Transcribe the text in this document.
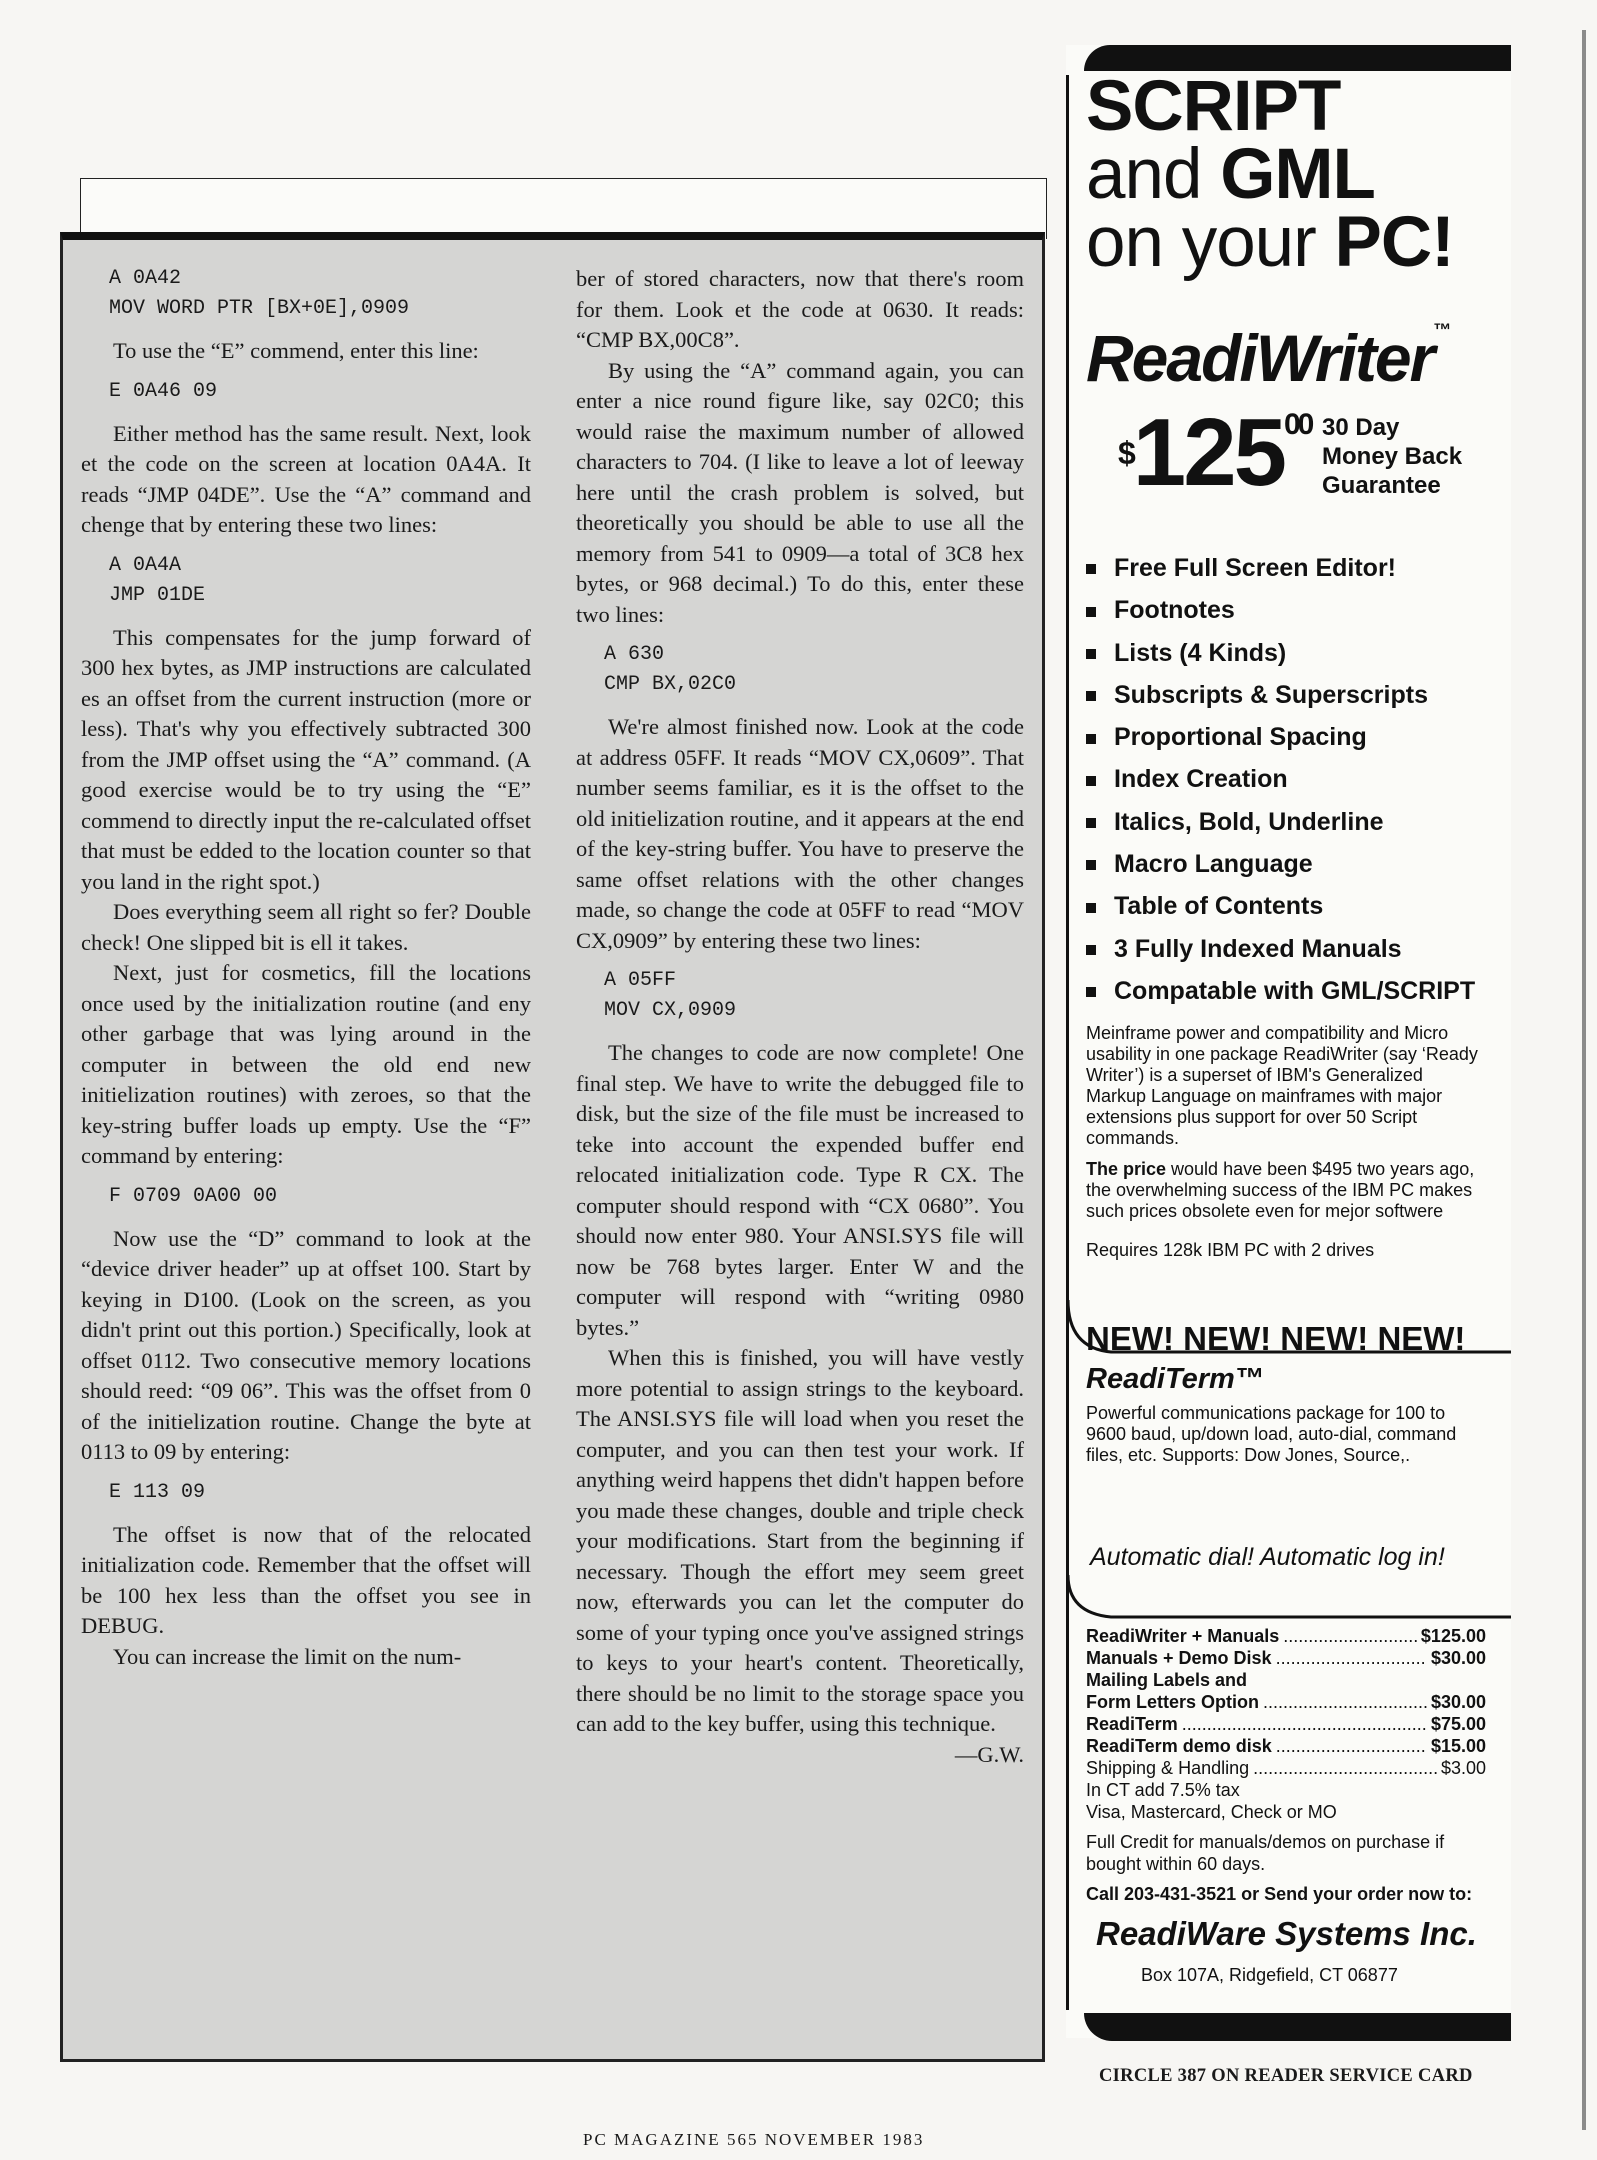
A 0A42
MOV WORD PTR [BX+0E],0909

To use the “E” commend, enter this line:

E 0A46 09

Either method has the same result. Next, look et the code on the screen at location 0A4A. It reads “JMP 04DE”. Use the “A” command and chenge that by entering these two lines:

A 0A4A
JMP 01DE

This compensates for the jump forward of 300 hex bytes, as JMP instructions are calculated es an offset from the current instruction (more or less). That's why you effectively subtracted 300 from the JMP offset using the “A” command. (A good exercise would be to try using the “E” commend to directly input the re-calculated offset that must be edded to the location counter so that you land in the right spot.)

Does everything seem all right so fer? Double check! One slipped bit is ell it takes.

Next, just for cosmetics, fill the locations once used by the initialization routine (and eny other garbage that was lying around in the computer in between the old end new initielization routines) with zeroes, so that the key-string buffer loads up empty. Use the “F” command by entering:

F 0709 0A00 00

Now use the “D” command to look at the “device driver header” up at offset 100. Start by keying in D100. (Look on the screen, as you didn't print out this portion.) Specifically, look at offset 0112. Two consecutive memory locations should reed: “09 06”. This was the offset from 0 of the initielization routine. Change the byte at 0113 to 09 by entering:

E 113 09

The offset is now that of the relocated initialization code. Remember that the offset will be 100 hex less than the offset you see in DEBUG.

You can increase the limit on the num-

ber of stored characters, now that there's room for them. Look et the code at 0630. It reads: “CMP BX,00C8”.

By using the “A” command again, you can enter a nice round figure like, say 02C0; this would raise the maximum number of allowed characters to 704. (I like to leave a lot of leeway here until the crash problem is solved, but theoretically you should be able to use all the memory from 541 to 0909—a total of 3C8 hex bytes, or 968 decimal.) To do this, enter these two lines:

A 630
CMP BX,02C0

We're almost finished now. Look at the code at address 05FF. It reads “MOV CX,0609”. That number seems familiar, es it is the offset to the old initielization routine, and it appears at the end of the key-string buffer. You have to preserve the same offset relations with the other changes made, so change the code at 05FF to read “MOV CX,0909” by entering these two lines:

A 05FF
MOV CX,0909

The changes to code are now complete! One final step. We have to write the debugged file to disk, but the size of the file must be increased to teke into account the expended buffer end relocated initialization code. Type R CX. The computer should respond with “CX 0680”. You should now enter 980. Your ANSI.SYS file will now be 768 bytes larger. Enter W and the computer will respond with “writing 0980 bytes.”

When this is finished, you will have vestly more potential to assign strings to the keyboard. The ANSI.SYS file will load when you reset the computer, and you can then test your work. If anything weird happens thet didn't happen before you made these changes, double and triple check your modifications. Start from the beginning if necessary. Though the effort mey seem greet now, efterwards you can let the computer do some of your typing once you've assigned strings to keys to your heart's content. Theoretically, there should be no limit to the storage space you can add to the key buffer, using this technique.
—G.W.

SCRIPT
and GML
on your PC!
ReadiWriter™
$^{\$}125^{00}$ 30 Day
Money Back
Guarantee
Free Full Screen Editor!
Footnotes
Lists (4 Kinds)
Subscripts & Superscripts
Proportional Spacing
Index Creation
Italics, Bold, Underline
Macro Language
Table of Contents
3 Fully Indexed Manuals
Compatable with GML/SCRIPT

Meinframe power and compatibility and Micro usability in one package ReadiWriter (say ‘Ready Writer’) is a superset of IBM's Generalized Markup Language on mainframes with major extensions plus support for over 50 Script commands.

The price would have been $495 two years ago, the overwhelming success of the IBM PC makes such prices obsolete even for mejor softwere

Requires 128k IBM PC with 2 drives

NEW! NEW! NEW! NEW!
ReadiTerm™
Powerful communications package for 100 to 9600 baud, up/down load, auto-dial, command files, etc. Supports: Dow Jones, Source,.
Automatic dial! Automatic log in!
ReadiWriter + Manuals .....	$125.00
Manuals + Demo Disk .....	$30.00
Mailing Labels and
Form Letters Option .....	$30.00
ReadiTerm .....	$75.00
ReadiTerm demo disk .....	$15.00
Shipping & Handling .....	$3.00

In CT add 7.5% tax

Visa, Mastercard, Check or MO

Full Credit for manuals/demos on purchase if bought within 60 days.

Call 203-431-3521 or Send your order now to:

ReadiWare Systems Inc.
Box 107A, Ridgefield, CT 06877
CIRCLE 387 ON READER SERVICE CARD
PC MAGAZINE 565 NOVEMBER 1983
